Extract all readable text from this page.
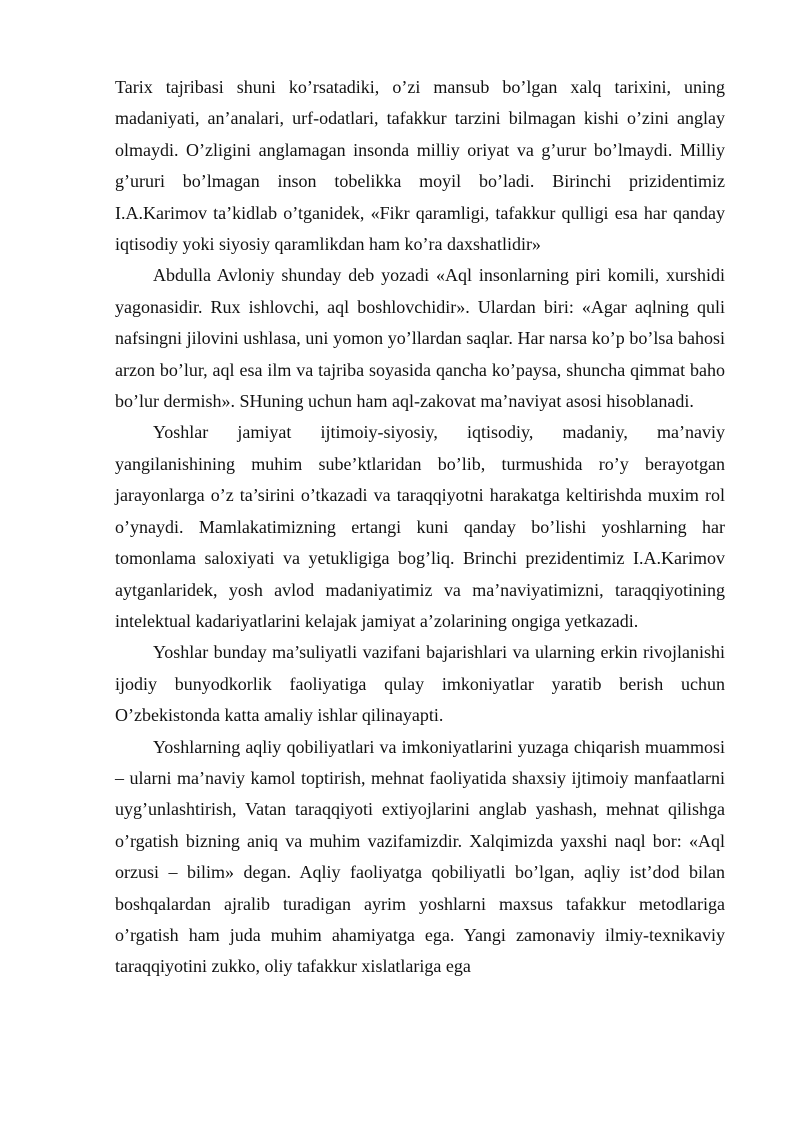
Tarix tajribasi shuni ko’rsatadiki, o’zi mansub bo’lgan xalq tarixini, uning madaniyati, an’analari, urf-odatlari, tafakkur tarzini bilmagan kishi o’zini anglay olmaydi. O’zligini anglamagan insonda milliy oriyat va g’urur bo’lmaydi. Milliy g’ururi bo’lmagan inson tobelikka moyil bo’ladi. Birinchi prizidentimiz I.A.Karimov ta’kidlab o’tganidek, «Fikr qaramligi, tafakkur qulligi esa har qanday iqtisodiy yoki siyosiy qaramlikdan ham ko’ra daxshatlidir»

Abdulla Avloniy shunday deb yozadi «Aql insonlarning piri komili, xurshidi yagonasidir. Rux ishlovchi, aql boshlovchidir». Ulardan biri: «Agar aqlning quli nafsingni jilovini ushlasa, uni yomon yo’llardan saqlar. Har narsa ko’p bo’lsa bahosi arzon bo’lur, aql esa ilm va tajriba soyasida qancha ko’paysa, shuncha qimmat baho bo’lur dermish». SHuning uchun ham aql-zakovat ma’naviyat asosi hisoblanadi.

Yoshlar jamiyat ijtimoiy-siyosiy, iqtisodiy, madaniy, ma’naviy yangilanishining muhim sube’ktlaridan bo’lib, turmushida ro’y berayotgan jarayonlarga o’z ta’sirini o’tkazadi va taraqqiyotni harakatga keltirishda muxim rol o’ynaydi. Mamlakatimizning ertangi kuni qanday bo’lishi yoshlarning har tomonlama saloxiyati va yetukligiga bog’liq. Brinchi prezidentimiz I.A.Karimov aytganlaridek, yosh avlod madaniyatimiz va ma’naviyatimizni, taraqqiyotining intelektual kadariyatlarini kelajak jamiyat a’zolarining ongiga yetkazadi.

Yoshlar bunday ma’suliyatli vazifani bajarishlari va ularning erkin rivojlanishi ijodiy bunyodkorlik faoliyatiga qulay imkoniyatlar yaratib berish uchun O’zbekistonda katta amaliy ishlar qilinayapti.

Yoshlarning aqliy qobiliyatlari va imkoniyatlarini yuzaga chiqarish muammosi – ularni ma’naviy kamol toptirish, mehnat faoliyatida shaxsiy ijtimoiy manfaatlarni uyg’unlashtirish, Vatan taraqqiyoti extiyojlarini anglab yashash, mehnat qilishga o’rgatish bizning aniq va muhim vazifamizdir. Xalqimizda yaxshi naql bor: «Aql orzusi – bilim» degan. Aqliy faoliyatga qobiliyatli bo’lgan, aqliy ist’dod bilan boshqalardan ajralib turadigan ayrim yoshlarni maxsus tafakkur metodlariga o’rgatish ham juda muhim ahamiyatga ega. Yangi zamonaviy ilmiy-texnikaviy taraqqiyotini zukko, oliy tafakkur xislatlariga ega
